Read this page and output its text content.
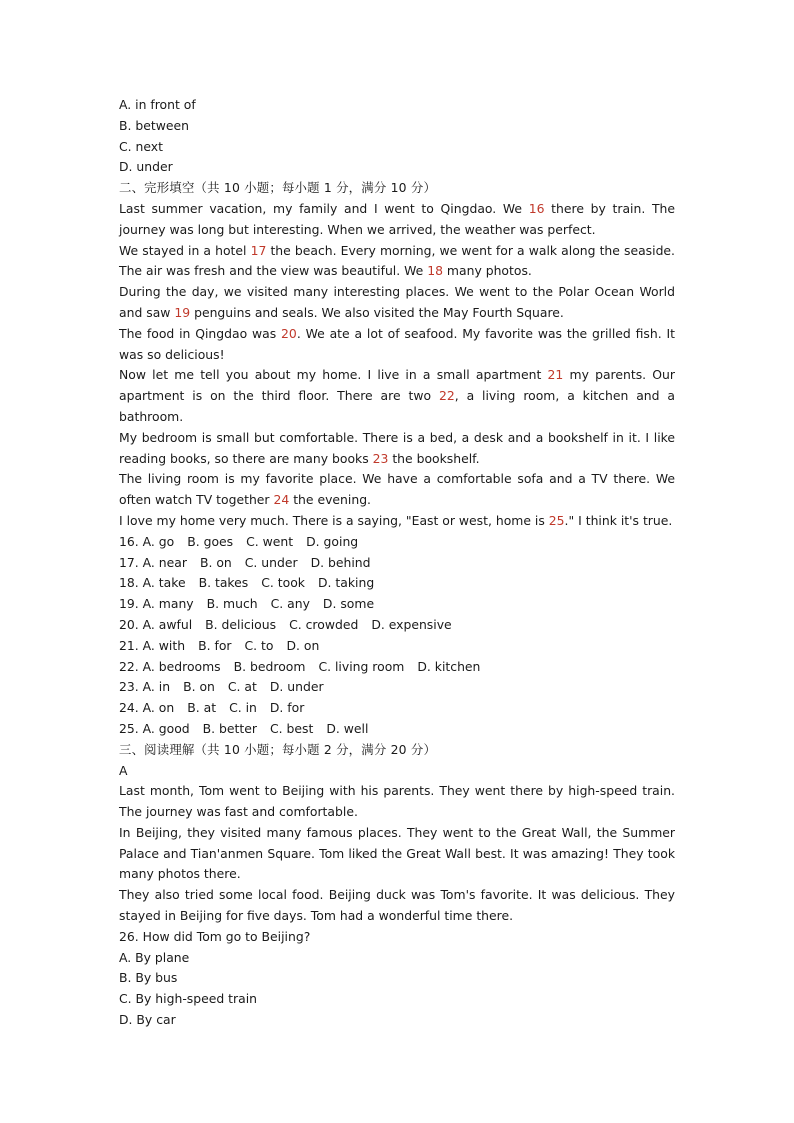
A. in front of
B. between
C. next
D. under
二、完形填空（共 10 小题；每小题 1 分，满分 10 分）
Last summer vacation, my family and I went to Qingdao. We 16 there by train. The journey was long but interesting. When we arrived, the weather was perfect.
We stayed in a hotel 17 the beach. Every morning, we went for a walk along the seaside. The air was fresh and the view was beautiful. We 18 many photos.
During the day, we visited many interesting places. We went to the Polar Ocean World and saw 19 penguins and seals. We also visited the May Fourth Square.
The food in Qingdao was 20. We ate a lot of seafood. My favorite was the grilled fish. It was so delicious!
Now let me tell you about my home. I live in a small apartment 21 my parents. Our apartment is on the third floor. There are two 22, a living room, a kitchen and a bathroom.
My bedroom is small but comfortable. There is a bed, a desk and a bookshelf in it. I like reading books, so there are many books 23 the bookshelf.
The living room is my favorite place. We have a comfortable sofa and a TV there. We often watch TV together 24 the evening.
I love my home very much. There is a saying, "East or west, home is 25." I think it's true.
16. A. go B. goes C. went D. going
17. A. near B. on C. under D. behind
18. A. take B. takes C. took D. taking
19. A. many B. much C. any D. some
20. A. awful B. delicious C. crowded D. expensive
21. A. with B. for C. to D. on
22. A. bedrooms B. bedroom C. living room D. kitchen
23. A. in B. on C. at D. under
24. A. on B. at C. in D. for
25. A. good B. better C. best D. well
三、阅读理解（共 10 小题；每小题 2 分，满分 20 分）
A
Last month, Tom went to Beijing with his parents. They went there by high-speed train. The journey was fast and comfortable.
In Beijing, they visited many famous places. They went to the Great Wall, the Summer Palace and Tian'anmen Square. Tom liked the Great Wall best. It was amazing! They took many photos there.
They also tried some local food. Beijing duck was Tom's favorite. It was delicious. They stayed in Beijing for five days. Tom had a wonderful time there.
26. How did Tom go to Beijing?
A. By plane
B. By bus
C. By high-speed train
D. By car
